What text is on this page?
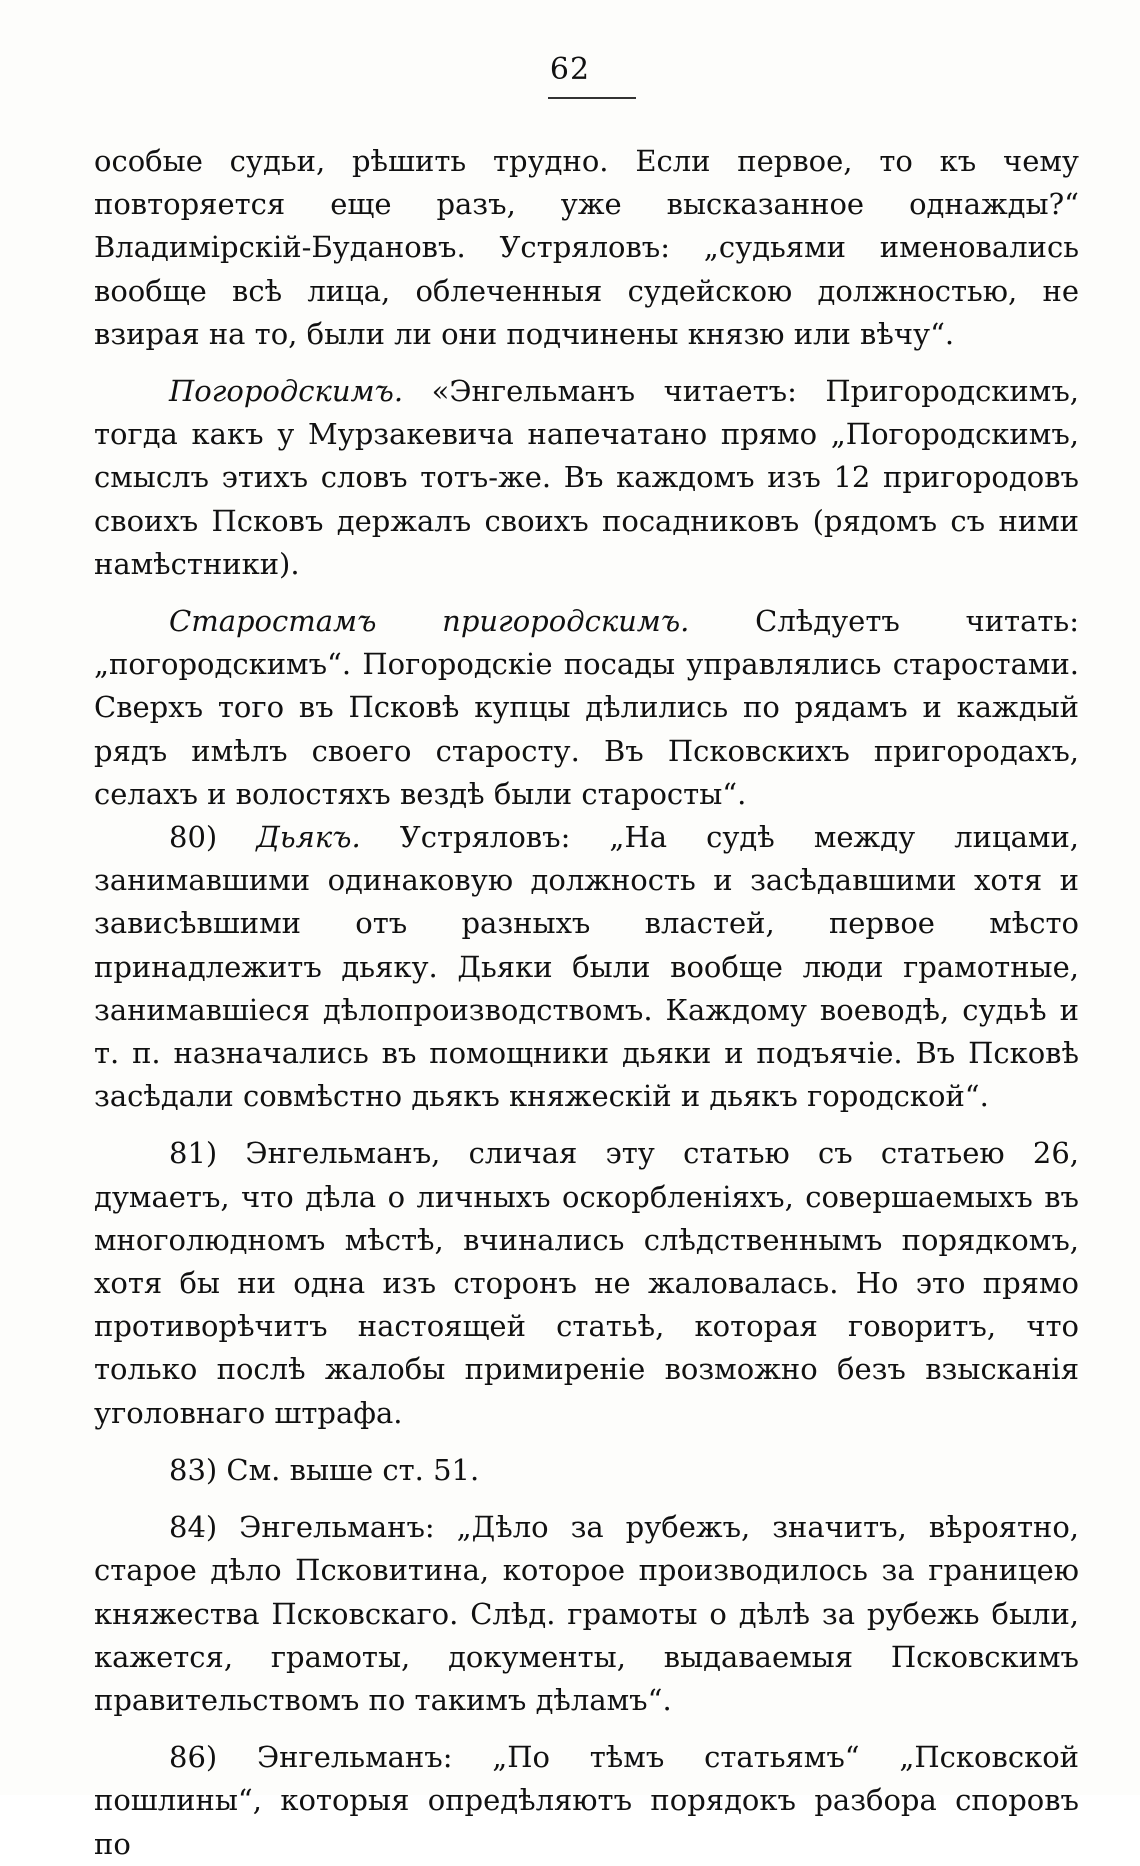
62

особые судьи, рѣшить трудно. Если первое, то къ чему повторяется еще разъ, уже высказанное однажды?“ Владимірскій-Будановъ. Устряловъ: „судьями именовались вообще всѣ лица, облеченныя судейскою должностью, не взирая на то, были ли они подчинены князю или вѣчу“.

Погородскимъ. «Энгельманъ читаетъ: Пригородскимъ, тогда какъ у Мурзакевича напечатано прямо „Погородскимъ, смыслъ этихъ словъ тотъ-же. Въ каждомъ изъ 12 пригородовъ своихъ Псковъ держалъ своихъ посадниковъ (рядомъ съ ними намѣстники).

Старостамъ пригородскимъ. Слѣдуетъ читать: „погородскимъ“. Погородскіе посады управлялись старостами. Сверхъ того въ Псковѣ купцы дѣлились по рядамъ и каждый рядъ имѣлъ своего старосту. Въ Псковскихъ пригородахъ, селахъ и волостяхъ вездѣ были старосты“.

80) Дьякъ. Устряловъ: „На судѣ между лицами, занимавшими одинаковую должность и засѣдавшими хотя и зависѣвшими отъ разныхъ властей, первое мѣсто принадлежитъ дьяку. Дьяки были вообще люди грамотные, занимавшіеся дѣлопроизводствомъ. Каждому воеводѣ, судьѣ и т. п. назначались въ помощники дьяки и подъячіе. Въ Псковѣ засѣдали совмѣстно дьякъ княжескій и дьякъ городской“.

81) Энгельманъ, сличая эту статью съ статьею 26, думаетъ, что дѣла о личныхъ оскорбленіяхъ, совершаемыхъ въ многолюдномъ мѣстѣ, вчинались слѣдственнымъ порядкомъ, хотя бы ни одна изъ сторонъ не жаловалась. Но это прямо противорѣчитъ настоящей статьѣ, которая говоритъ, что только послѣ жалобы примиреніе возможно безъ взысканія уголовнаго штрафа.

83) См. выше ст. 51.

84) Энгельманъ: „Дѣло за рубежъ, значитъ, вѣроятно, старое дѣло Псковитина, которое производилось за границею княжества Псковскаго. Слѣд. грамоты о дѣлѣ за рубежь были, кажется, грамоты, документы, выдаваемыя Псковскимъ правительствомъ по такимъ дѣламъ“.

86) Энгельманъ: „По тѣмъ статьямъ“ „Псковской пошлины“, которыя опредѣляютъ порядокъ разбора споровъ по
